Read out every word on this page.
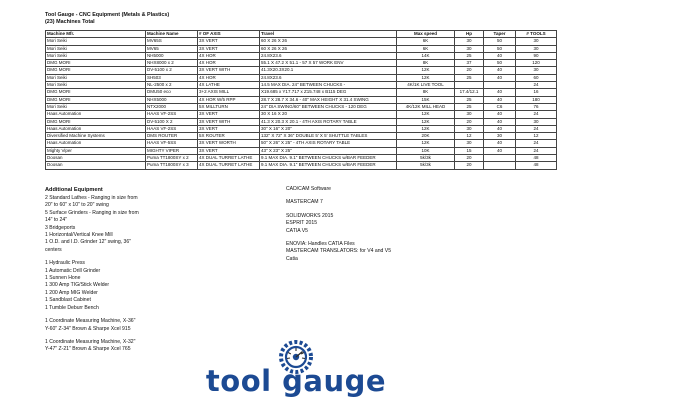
Tool Gauge - CNC Equipment (Metals & Plastics)
(23) Machines Total
Machine Mfr.	Machine Name	# OF AXIS	Travel	Max speed	Hp	Taper	# TOOLS
Mori Seiki	MV65S	3X VERT	60 X 26 X 26	6K	30	50	30
Mori Seiki	MV65	3X VERT	60 X 26 X 26	6K	30	50	30
Mori Seiki	NH5000	4X HOR	24.8X23.6	14K	25	40	90
DMG MORI	NHX8000 x 2	4X HOR	55.1 X 47.2 X 51.1 - 57 X 57 WORK ENV	8K	37	50	120
DMG MORI	DV-5100 x 2	3X VERT WITH	41.3X20.3X20.1	12K	20	40	30
Mori Seiki	SH503	4X HOR	24.8X23.6	12K	25	40	60
Mori Seiki	NL-2500 x 2	4X LATHE	14.5 MAX DIA. 24" BETWEEN CHUCKS -	4K/1K LIVE TOOL			24
DMG MORI	DMU50 eco	3+2 AXIS MILL	X19.685 x Y17.717 x Z15.748 x B115 DEG	8K	17.4/12.1	40	16
DMG MORI	NHX5000	4X HOR W/5 RPP	28.7 X 28.7 X 34.6 - 40" MAX HEIGHT X 31.4 SWING	15K	25	40	180
Mori Seiki	NTX2000	5X MILLTURN	24" DIA SWING/60" BETWEEN CHUCKS - 120 DEG	4K/12K MILL HEAD	25	C6	76
Haas Automation	HAAS VF-2SS	3X VERT	30 X 16 X 20	12K	30	40	24
DMG MORI	DV-5100 X 2	3X VERT WITH	41.3 X 20.3 X 20.1 - 4TH AXIS ROTARY TABLE	12K	20	40	30
Haas Automation	HAAS VF-2SS	3X VERT	30" X 16" X 20"	12K	30	40	24
Diversified Machine Systems	DMS ROUTER	5X ROUTER	132" X 72" X 36" DOUBLE 5' X 5' SHUTTLE TABLES	20K	12	30	12
Haas Automation	HAAS VF-5SS	3X VERT WORTH	50" X 26" X 25" - 4TH AXIS ROTARY TABLE	12K	30	40	24
Mighty Viper	MIGHTY VIPER	3X VERT	43" X 23" X 25"	10K	15	40	24
Doosan	Puma TT1800SY x 2	4X DUAL TURRET LATHE	9.1 MAX DIA. 9.1" BETWEEN CHUCKS w/BAR FEEDER	5k/3k	20		48
Doosan	Puma TT1800SY x 3	4X DUAL TURRET LATHE	9.1 MAX DIA. 9.1" BETWEEN CHUCKS w/BAR FEEDER	5k/3k	20		48
Additional Equipment

2 Standard Lathes - Ranging in size from

20" to 60" x 10" to 20" swing

5 Surface Grinders - Ranging in size from

14" to 24"

3 Bridgeports

1 Horizontal/Vertical Knee Mill

1 O.D. and I.D. Grinder 12" swing, 36"

centers

1 Hydraulic Press

1 Automatic Drill Grinder

1 Sunnen Hone

1 300 Amp TIG/Stick Welder

1 200 Amp MIG Welder

1 Sandblast Cabinet

1 Tumble Deburr Bench

1 Coordinate Measuring Machine, X-36"

Y-60" Z-34" Brown & Sharpe Xcel 915

1 Coordinate Measuring Machine, X-32"

Y-47" Z-21" Brown & Sharpe Xcel 765

CAD/CAM Software

MASTERCAM 7

SOLIDWORKS 2015

ESPRIT 2015

CATIA V5

ENOVIA: Handles CATIA Files

MASTERCAM TRANSLATORS: for V4 and V5

Catia

tool gauge
